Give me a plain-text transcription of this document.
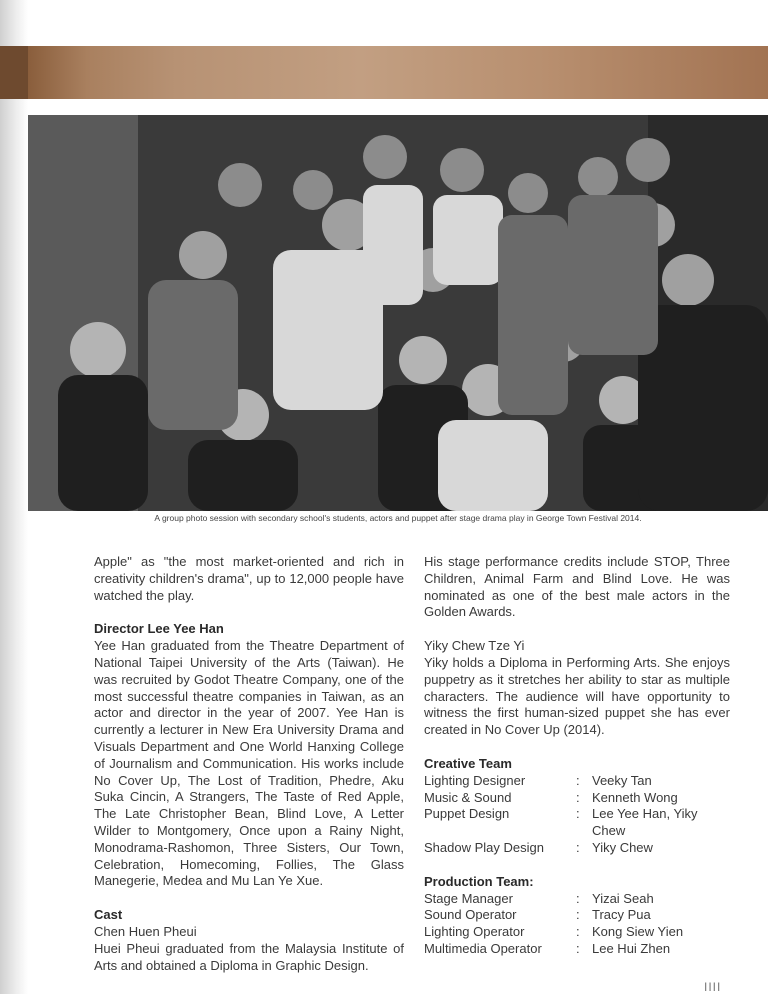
A group photo session with secondary school's students, actors and puppet after stage drama play in George Town Festival 2014.

Apple" as "the most market-oriented and rich in creativity children's drama", up to 12,000 people have watched the play.

Director Lee Yee Han

Yee Han graduated from the Theatre Department of National Taipei University of the Arts (Taiwan). He was recruited by Godot Theatre Company, one of the most successful theatre companies in Taiwan, as an actor and director in the year of 2007. Yee Han is currently a lecturer in New Era University Drama and Visuals Department and One World Hanxing College of Journalism and Communication. His works include No Cover Up, The Lost of Tradition, Phedre, Aku Suka Cincin, A Strangers, The Taste of Red Apple, The Late Christopher Bean, Blind Love, A Letter Wilder to Montgomery, Once upon a Rainy Night, Monodrama-Rashomon, Three Sisters, Our Town, Celebration, Homecoming, Follies, The Glass Manegerie, Medea and Mu Lan Ye Xue.

Cast

Chen Huen Pheui

Huei Pheui graduated from the Malaysia Institute of Arts and obtained a Diploma in Graphic Design.

His stage performance credits include STOP, Three Children, Animal Farm and Blind Love. He was nominated as one of the best male actors in the Golden Awards.

Yiky Chew Tze Yi

Yiky holds a Diploma in Performing Arts. She enjoys puppetry as it stretches her ability to star as multiple characters. The audience will have opportunity to witness the first human-sized puppet she has ever created in No Cover Up (2014).

Creative Team

Lighting Designer	: Veeky Tan
Music & Sound	: Kenneth Wong
Puppet Design	: Lee Yee Han, Yiky Chew
Shadow Play Design	: Yiky Chew

Production Team:

Stage Manager	: Yizai Seah
Sound Operator	: Tracy Pua
Lighting Operator	: Kong Siew Yien
Multimedia Operator	: Lee Hui Zhen
IIII
